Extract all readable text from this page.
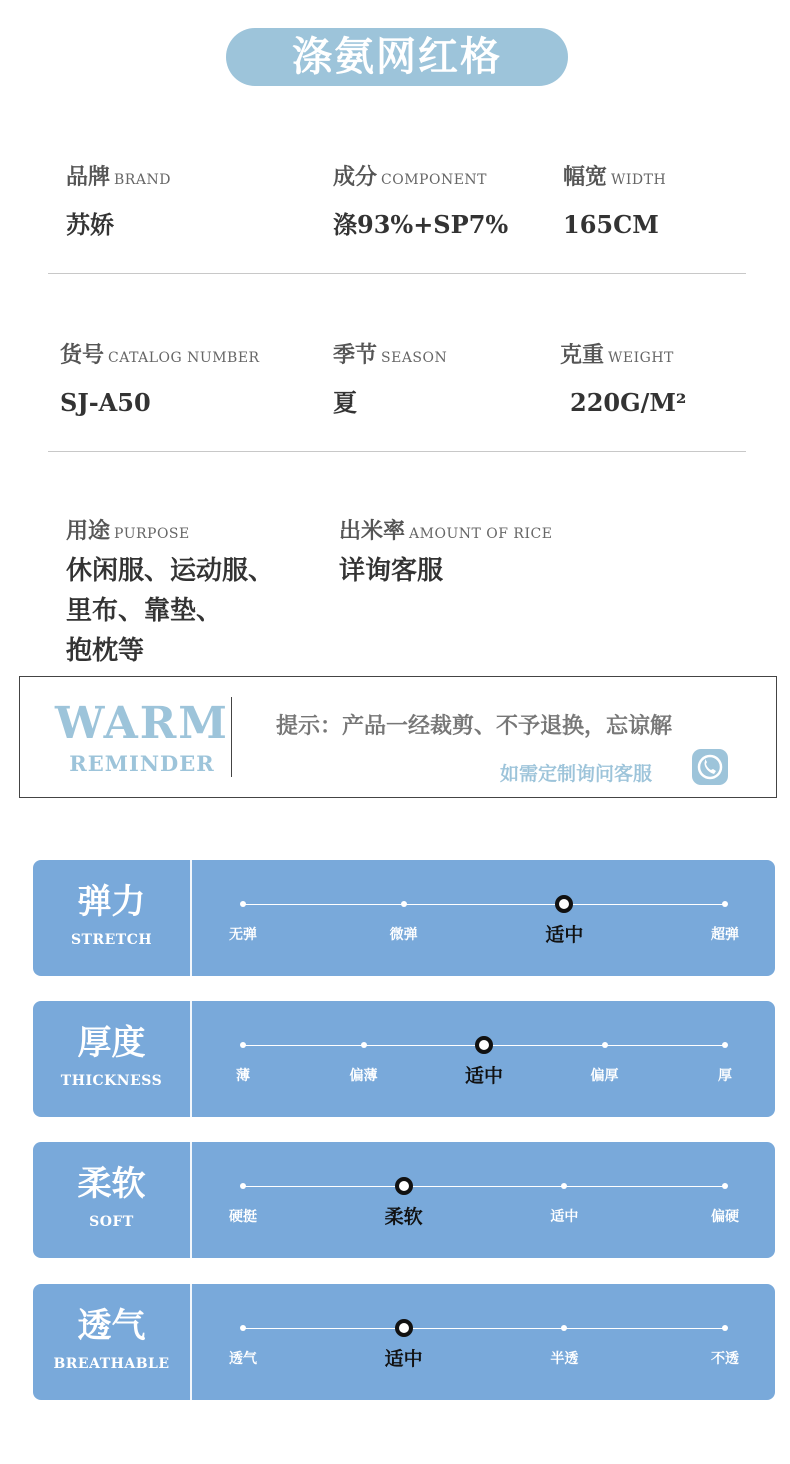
涤氨网红格
品牌 BRAND
苏娇
成分 COMPONENT
涤93%+SP7%
幅宽 WIDTH
165CM
货号 CATALOG NUMBER
SJ-A50
季节 SEASON
夏
克重 WEIGHT
220G/M²
用途 PURPOSE
休闲服、运动服、
里布、靠垫、
抱枕等
出米率 AMOUNT OF RICE
详询客服
WARM
REMINDER
提示：产品一经裁剪、不予退换，忘谅解
如需定制询问客服
弹力
STRETCH	无弹	微弹	适中	超弹
厚度
THICKNESS	薄	偏薄	适中	偏厚	厚
柔软
SOFT	硬挺	柔软	适中	偏硬
透气
BREATHABLE	透气	适中	半透	不透
